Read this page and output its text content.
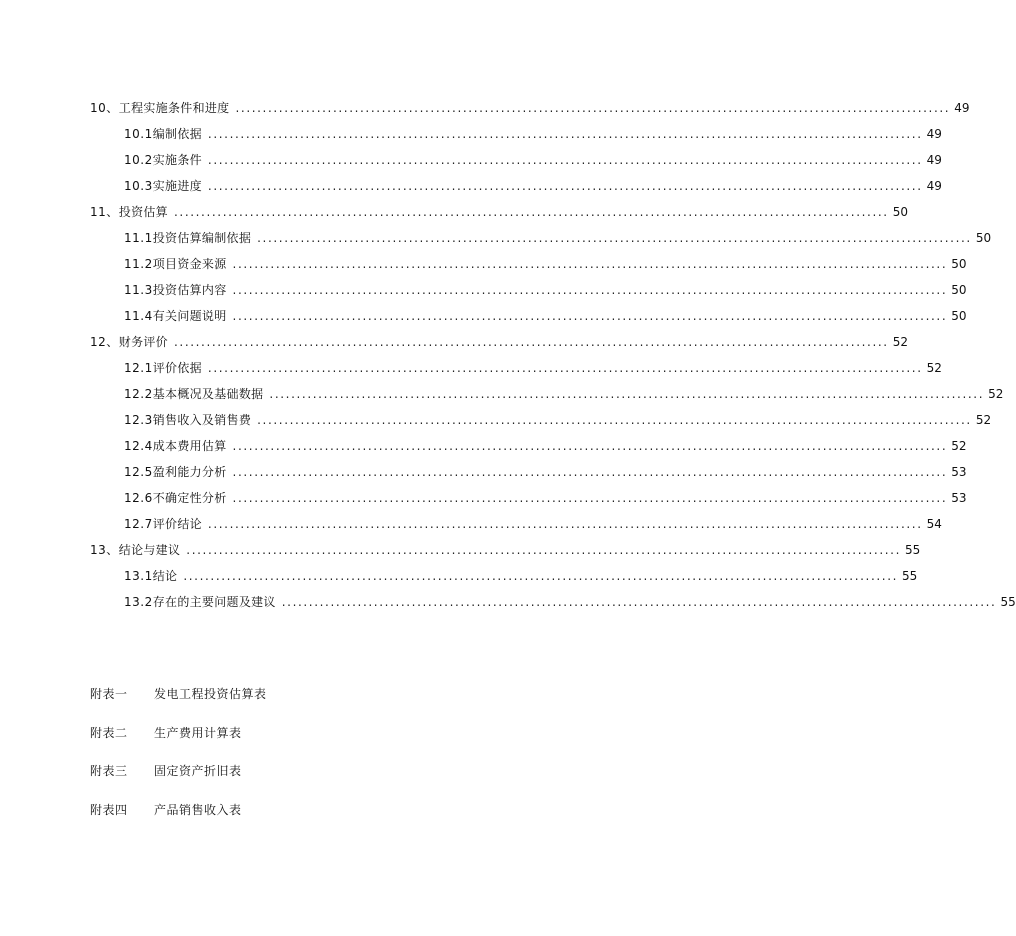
10、 工程实施条件和进度 .................................................................................................................................... 49
10.1 编制依据 .................................................................................................................................... 49
10.2 实施条件 .................................................................................................................................... 49
10.3 实施进度 .................................................................................................................................... 49
11、 投资估算 .................................................................................................................................... 50
11.1 投资估算编制依据 .................................................................................................................................... 50
11.2 项目资金来源 .................................................................................................................................... 50
11.3 投资估算内容 .................................................................................................................................... 50
11.4 有关问题说明 .................................................................................................................................... 50
12、 财务评价 .................................................................................................................................... 52
12.1 评价依据 .................................................................................................................................... 52
12.2 基本概况及基础数据 .................................................................................................................................... 52
12.3 销售收入及销售费 .................................................................................................................................... 52
12.4 成本费用估算 .................................................................................................................................... 52
12.5 盈利能力分析 .................................................................................................................................... 53
12.6 不确定性分析 .................................................................................................................................... 53
12.7 评价结论 .................................................................................................................................... 54
13、 结论与建议 .................................................................................................................................... 55
13.1 结论 .................................................................................................................................... 55
13.2 存在的主要问题及建议 .................................................................................................................................... 55
附表一	发电工程投资估算表
附表二	生产费用计算表
附表三	固定资产折旧表
附表四	产品销售收入表
